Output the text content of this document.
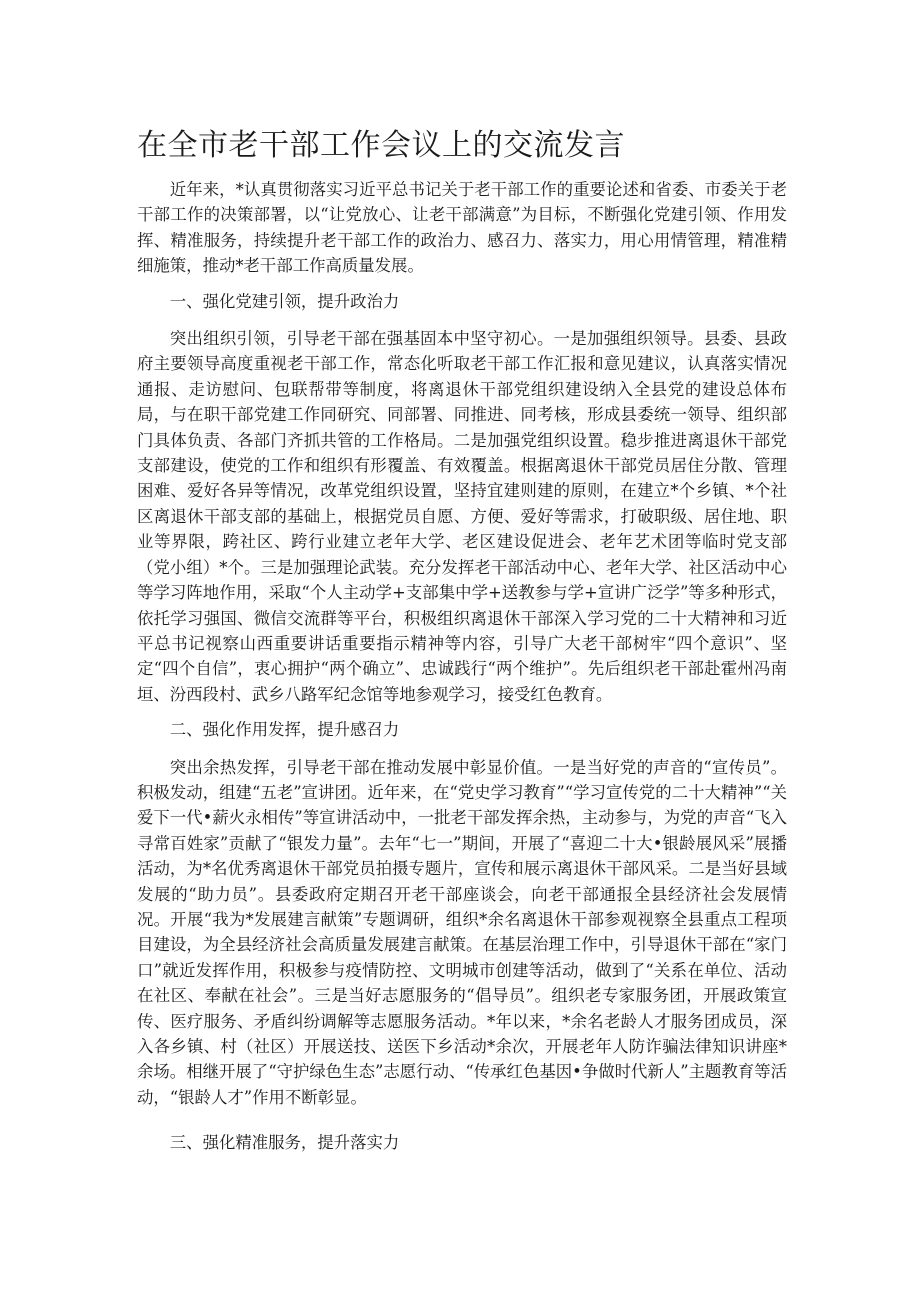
在全市老干部工作会议上的交流发言

近年来，*认真贯彻落实习近平总书记关于老干部工作的重要论述和省委、市委关于老干部工作的决策部署，以“让党放心、让老干部满意”为目标，不断强化党建引领、作用发挥、精准服务，持续提升老干部工作的政治力、感召力、落实力，用心用情管理，精准精细施策，推动*老干部工作高质量发展。

一、强化党建引领，提升政治力

突出组织引领，引导老干部在强基固本中坚守初心。一是加强组织领导。县委、县政府主要领导高度重视老干部工作，常态化听取老干部工作汇报和意见建议，认真落实情况通报、走访慰问、包联帮带等制度，将离退休干部党组织建设纳入全县党的建设总体布局，与在职干部党建工作同研究、同部署、同推进、同考核，形成县委统一领导、组织部门具体负责、各部门齐抓共管的工作格局。二是加强党组织设置。稳步推进离退休干部党支部建设，使党的工作和组织有形覆盖、有效覆盖。根据离退休干部党员居住分散、管理困难、爱好各异等情况，改革党组织设置，坚持宜建则建的原则，在建立*个乡镇、*个社区离退休干部支部的基础上，根据党员自愿、方便、爱好等需求，打破职级、居住地、职业等界限，跨社区、跨行业建立老年大学、老区建设促进会、老年艺术团等临时党支部（党小组）*个。三是加强理论武装。充分发挥老干部活动中心、老年大学、社区活动中心等学习阵地作用，采取“个人主动学+支部集中学+送教参与学+宣讲广泛学”等多种形式，依托学习强国、微信交流群等平台，积极组织离退休干部深入学习党的二十大精神和习近平总书记视察山西重要讲话重要指示精神等内容，引导广大老干部树牢“四个意识”、坚定“四个自信”，衷心拥护“两个确立”、忠诚践行“两个维护”。先后组织老干部赴霍州冯南垣、汾西段村、武乡八路军纪念馆等地参观学习，接受红色教育。

二、强化作用发挥，提升感召力

突出余热发挥，引导老干部在推动发展中彰显价值。一是当好党的声音的“宣传员”。积极发动，组建“五老”宣讲团。近年来，在“党史学习教育”“学习宣传党的二十大精神”“关爱下一代•薪火永相传”等宣讲活动中，一批老干部发挥余热，主动参与，为党的声音“飞入寻常百姓家”贡献了“银发力量”。去年“七一”期间，开展了“喜迎二十大•银龄展风采”展播活动，为*名优秀离退休干部党员拍摄专题片，宣传和展示离退休干部风采。二是当好县域发展的“助力员”。县委政府定期召开老干部座谈会，向老干部通报全县经济社会发展情况。开展“我为*发展建言献策”专题调研，组织*余名离退休干部参观视察全县重点工程项目建设，为全县经济社会高质量发展建言献策。在基层治理工作中，引导退休干部在“家门口”就近发挥作用，积极参与疫情防控、文明城市创建等活动，做到了“关系在单位、活动在社区、奉献在社会”。三是当好志愿服务的“倡导员”。组织老专家服务团，开展政策宣传、医疗服务、矛盾纠纷调解等志愿服务活动。*年以来，*余名老龄人才服务团成员，深入各乡镇、村（社区）开展送技、送医下乡活动*余次，开展老年人防诈骗法律知识讲座*余场。相继开展了“守护绿色生态”志愿行动、“传承红色基因•争做时代新人”主题教育等活动，“银龄人才”作用不断彰显。

三、强化精准服务，提升落实力
